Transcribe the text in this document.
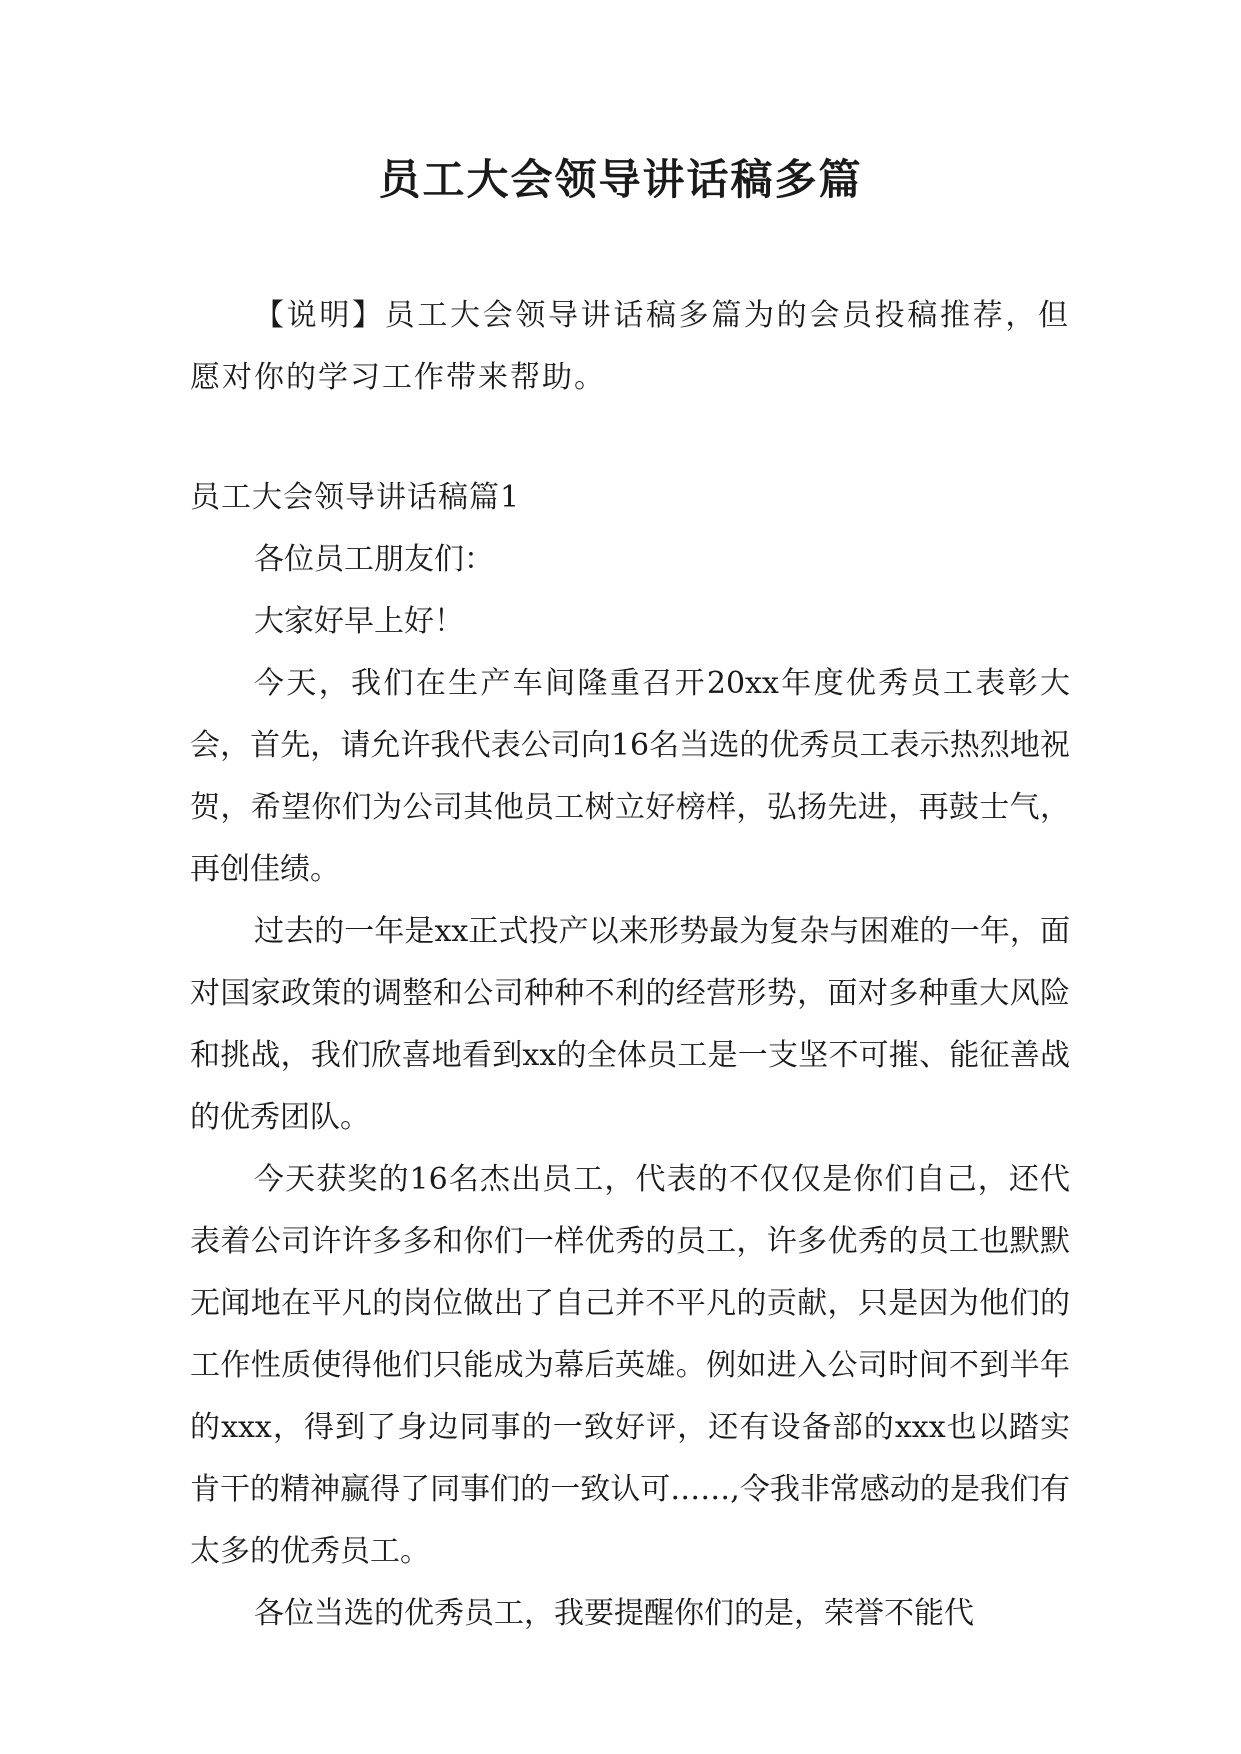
员工大会领导讲话稿多篇

【说明】员工大会领导讲话稿多篇为的会员投稿推荐，但愿对你的学习工作带来帮助。

员工大会领导讲话稿篇1

各位员工朋友们：

大家好早上好！

今天，我们在生产车间隆重召开20xx年度优秀员工表彰大会，首先，请允许我代表公司向16名当选的优秀员工表示热烈地祝贺，希望你们为公司其他员工树立好榜样，弘扬先进，再鼓士气，再创佳绩。

过去的一年是xx正式投产以来形势最为复杂与困难的一年，面对国家政策的调整和公司种种不利的经营形势，面对多种重大风险和挑战，我们欣喜地看到xx的全体员工是一支坚不可摧、能征善战的优秀团队。

今天获奖的16名杰出员工，代表的不仅仅是你们自己，还代表着公司许许多多和你们一样优秀的员工，许多优秀的员工也默默无闻地在平凡的岗位做出了自己并不平凡的贡献，只是因为他们的工作性质使得他们只能成为幕后英雄。例如进入公司时间不到半年的xxx，得到了身边同事的一致好评，还有设备部的xxx也以踏实肯干的精神赢得了同事们的一致认可……,令我非常感动的是我们有太多的优秀员工。

各位当选的优秀员工，我要提醒你们的是，荣誉不能代
